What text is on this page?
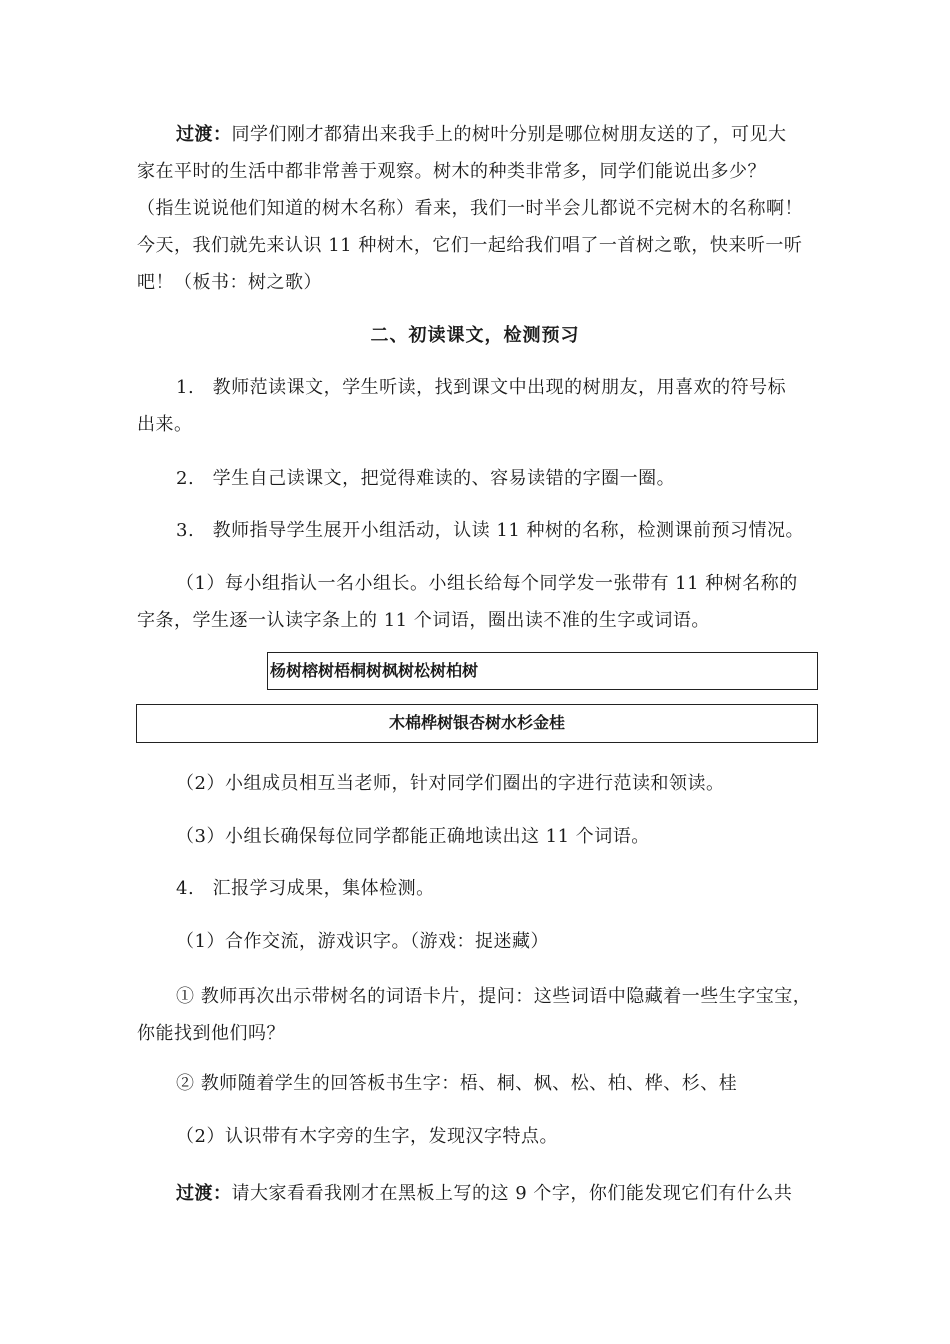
过渡：同学们刚才都猜出来我手上的树叶分别是哪位树朋友送的了，可见大
家在平时的生活中都非常善于观察。树木的种类非常多，同学们能说出多少？
（指生说说他们知道的树木名称）看来，我们一时半会儿都说不完树木的名称啊！
今天，我们就先来认识 11 种树木，它们一起给我们唱了一首树之歌，快来听一听
吧！（板书：树之歌）
二、初读课文，检测预习
1.　教师范读课文，学生听读，找到课文中出现的树朋友，用喜欢的符号标
出来。
2.　学生自己读课文，把觉得难读的、容易读错的字圈一圈。
3.　教师指导学生展开小组活动，认读 11 种树的名称，检测课前预习情况。
（1）每小组指认一名小组长。小组长给每个同学发一张带有 11 种树名称的
字条，学生逐一认读字条上的 11 个词语，圈出读不准的生字或词语。
杨树榕树梧桐树枫树松树柏树
木棉桦树银杏树水杉金桂
（2）小组成员相互当老师，针对同学们圈出的字进行范读和领读。
（3）小组长确保每位同学都能正确地读出这 11 个词语。
4.　汇报学习成果，集体检测。
（1）合作交流，游戏识字。（游戏：捉迷藏）
① 教师再次出示带树名的词语卡片，提问：这些词语中隐藏着一些生字宝宝，
你能找到他们吗？
② 教师随着学生的回答板书生字：梧、桐、枫、松、柏、桦、杉、桂
（2）认识带有木字旁的生字，发现汉字特点。
过渡：请大家看看我刚才在黑板上写的这 9 个字，你们能发现它们有什么共
